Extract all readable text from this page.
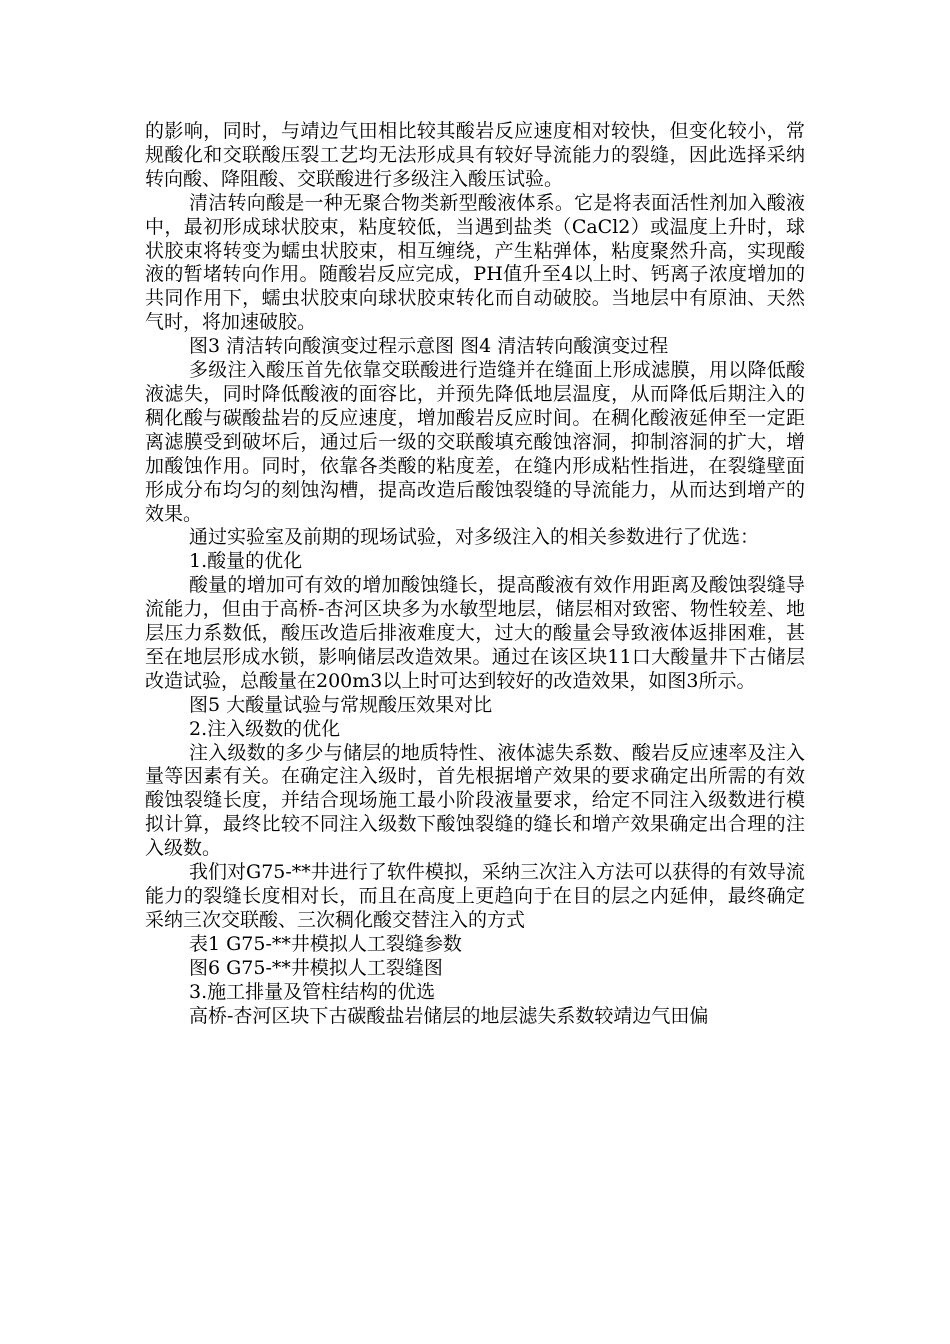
的影响，同时，与靖边气田相比较其酸岩反应速度相对较快，但变化较小，常规酸化和交联酸压裂工艺均无法形成具有较好导流能力的裂缝，因此选择采纳转向酸、降阻酸、交联酸进行多级注入酸压试验。

清洁转向酸是一种无聚合物类新型酸液体系。它是将表面活性剂加入酸液中，最初形成球状胶束，粘度较低，当遇到盐类（CaCl2）或温度上升时，球状胶束将转变为蠕虫状胶束，相互缠绕，产生粘弹体，粘度聚然升高，实现酸液的暂堵转向作用。随酸岩反应完成，PH值升至4以上时、钙离子浓度增加的共同作用下，蠕虫状胶束向球状胶束转化而自动破胶。当地层中有原油、天然气时，将加速破胶。

图3 清洁转向酸演变过程示意图 图4 清洁转向酸演变过程

多级注入酸压首先依靠交联酸进行造缝并在缝面上形成滤膜，用以降低酸液滤失，同时降低酸液的面容比，并预先降低地层温度，从而降低后期注入的稠化酸与碳酸盐岩的反应速度，增加酸岩反应时间。在稠化酸液延伸至一定距离滤膜受到破坏后，通过后一级的交联酸填充酸蚀溶洞，抑制溶洞的扩大，增加酸蚀作用。同时，依靠各类酸的粘度差，在缝内形成粘性指进，在裂缝壁面形成分布均匀的刻蚀沟槽，提高改造后酸蚀裂缝的导流能力，从而达到增产的效果。

通过实验室及前期的现场试验，对多级注入的相关参数进行了优选：

1.酸量的优化

酸量的增加可有效的增加酸蚀缝长，提高酸液有效作用距离及酸蚀裂缝导流能力，但由于高桥-杏河区块多为水敏型地层，储层相对致密、物性较差、地层压力系数低，酸压改造后排液难度大，过大的酸量会导致液体返排困难，甚至在地层形成水锁，影响储层改造效果。通过在该区块11口大酸量井下古储层改造试验，总酸量在200m3以上时可达到较好的改造效果，如图3所示。

图5 大酸量试验与常规酸压效果对比

2.注入级数的优化

注入级数的多少与储层的地质特性、液体滤失系数、酸岩反应速率及注入量等因素有关。在确定注入级时，首先根据增产效果的要求确定出所需的有效酸蚀裂缝长度，并结合现场施工最小阶段液量要求，给定不同注入级数进行模拟计算，最终比较不同注入级数下酸蚀裂缝的缝长和增产效果确定出合理的注入级数。

我们对G75-**井进行了软件模拟，采纳三次注入方法可以获得的有效导流能力的裂缝长度相对长，而且在高度上更趋向于在目的层之内延伸，最终确定采纳三次交联酸、三次稠化酸交替注入的方式

表1 G75-**井模拟人工裂缝参数

图6 G75-**井模拟人工裂缝图

3.施工排量及管柱结构的优选

高桥-杏河区块下古碳酸盐岩储层的地层滤失系数较靖边气田偏
